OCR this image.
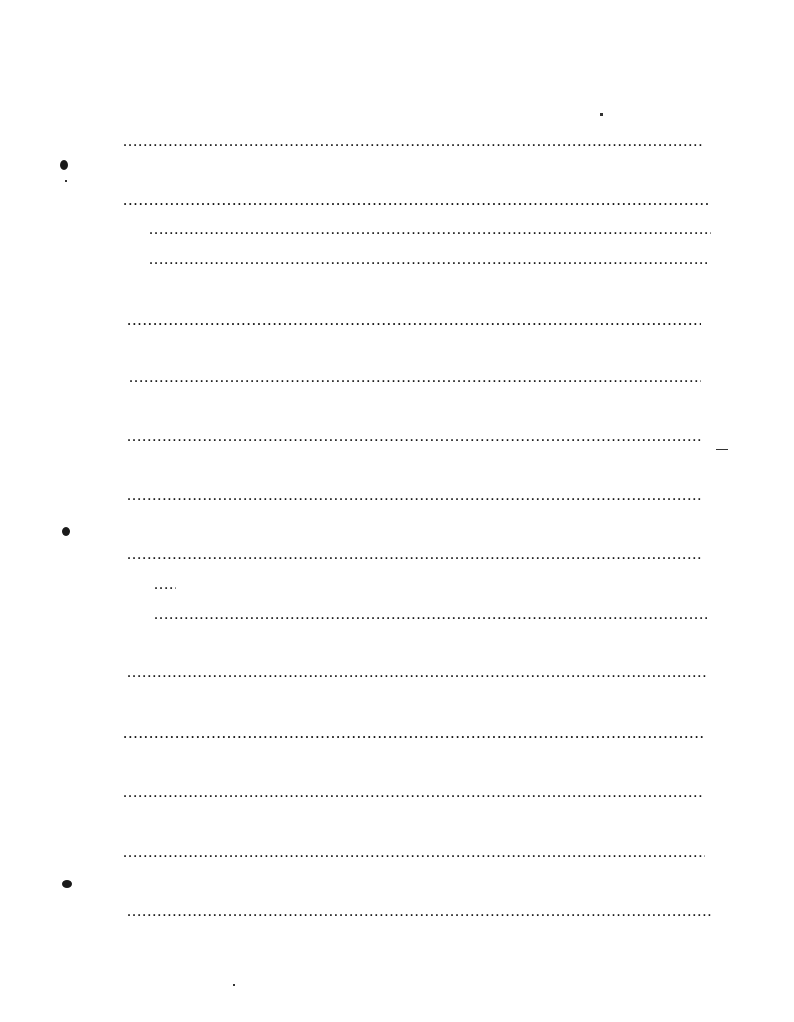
.....
.....
.....
.....
.....
.....
.....
.....
.....
.....
.....
.....
.....
.....
.....
.....
